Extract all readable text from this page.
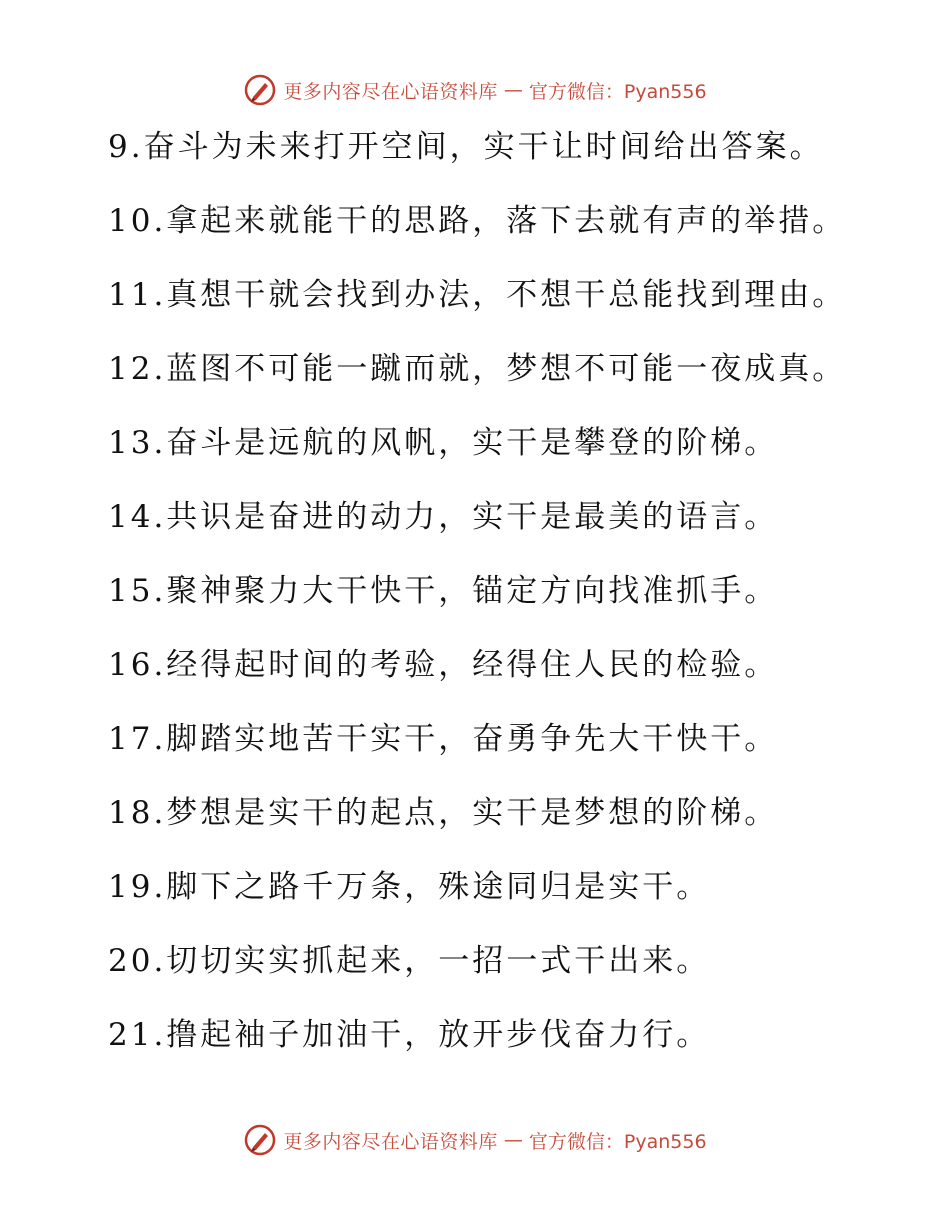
更多内容尽在心语资料库 — 官方微信：Pyan556
9.奋斗为未来打开空间，实干让时间给出答案。
10.拿起来就能干的思路，落下去就有声的举措。
11.真想干就会找到办法，不想干总能找到理由。
12.蓝图不可能一蹴而就，梦想不可能一夜成真。
13.奋斗是远航的风帆，实干是攀登的阶梯。
14.共识是奋进的动力，实干是最美的语言。
15.聚神聚力大干快干，锚定方向找准抓手。
16.经得起时间的考验，经得住人民的检验。
17.脚踏实地苦干实干，奋勇争先大干快干。
18.梦想是实干的起点，实干是梦想的阶梯。
19.脚下之路千万条，殊途同归是实干。
20.切切实实抓起来，一招一式干出来。
21.撸起袖子加油干，放开步伐奋力行。
更多内容尽在心语资料库 — 官方微信：Pyan556
